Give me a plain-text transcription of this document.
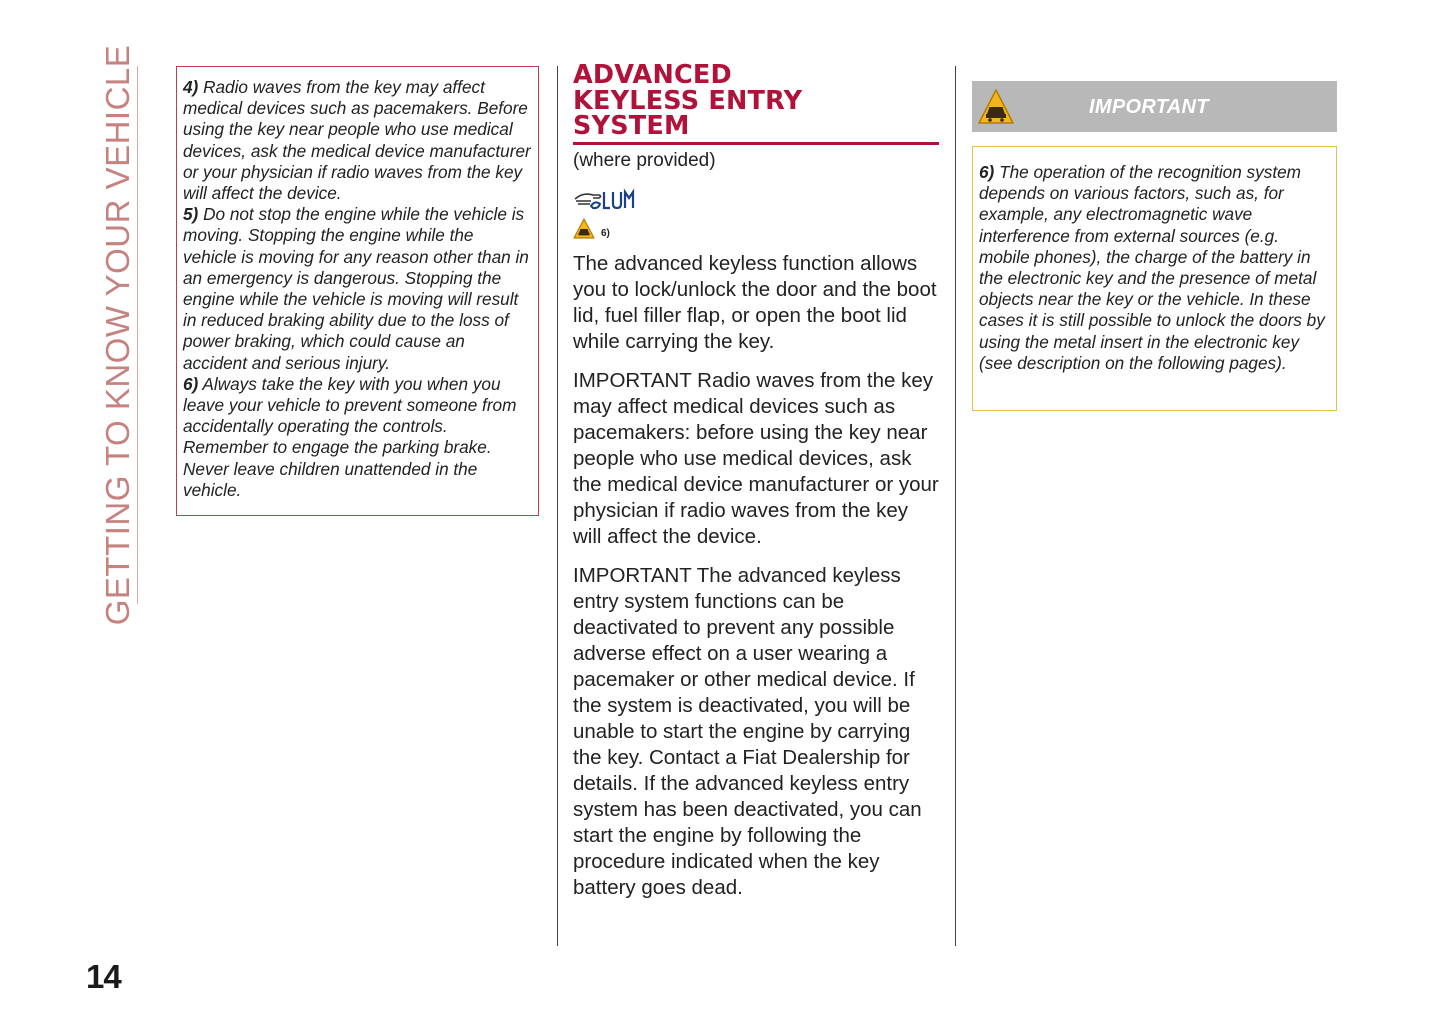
GETTING TO KNOW YOUR VEHICLE	4) Radio waves from the key may affect medical devices such as pacemakers. Before using the key near people who use medical devices, ask the medical device manufacturer or your physician if radio waves from the key will affect the device.

5) Do not stop the engine while the vehicle is moving. Stopping the engine while the vehicle is moving for any reason other than in an emergency is dangerous. Stopping the engine while the vehicle is moving will result in reduced braking ability due to the loss of power braking, which could cause an accident and serious injury.

6) Always take the key with you when you leave your vehicle to prevent someone from accidentally operating the controls. Remember to engage the parking brake. Never leave children unattended in the vehicle.

ADVANCED
KEYLESS ENTRY
SYSTEM
(where provided)
6)

The advanced keyless function allows you to lock/unlock the door and the boot lid, fuel filler flap, or open the boot lid while carrying the key.

IMPORTANT Radio waves from the key may affect medical devices such as pacemakers: before using the key near people who use medical devices, ask the medical device manufacturer or your physician if radio waves from the key will affect the device.

IMPORTANT The advanced keyless entry system functions can be deactivated to prevent any possible adverse effect on a user wearing a pacemaker or other medical device. If the system is deactivated, you will be unable to start the engine by carrying the key. Contact a Fiat Dealership for details. If the advanced keyless entry system has been deactivated, you can start the engine by following the procedure indicated when the key battery goes dead.

IMPORTANT

6) The operation of the recognition system depends on various factors, such as, for example, any electromagnetic wave interference from external sources (e.g. mobile phones), the charge of the battery in the electronic key and the presence of metal objects near the key or the vehicle. In these cases it is still possible to unlock the doors by using the metal insert in the electronic key (see description on the following pages).

14
